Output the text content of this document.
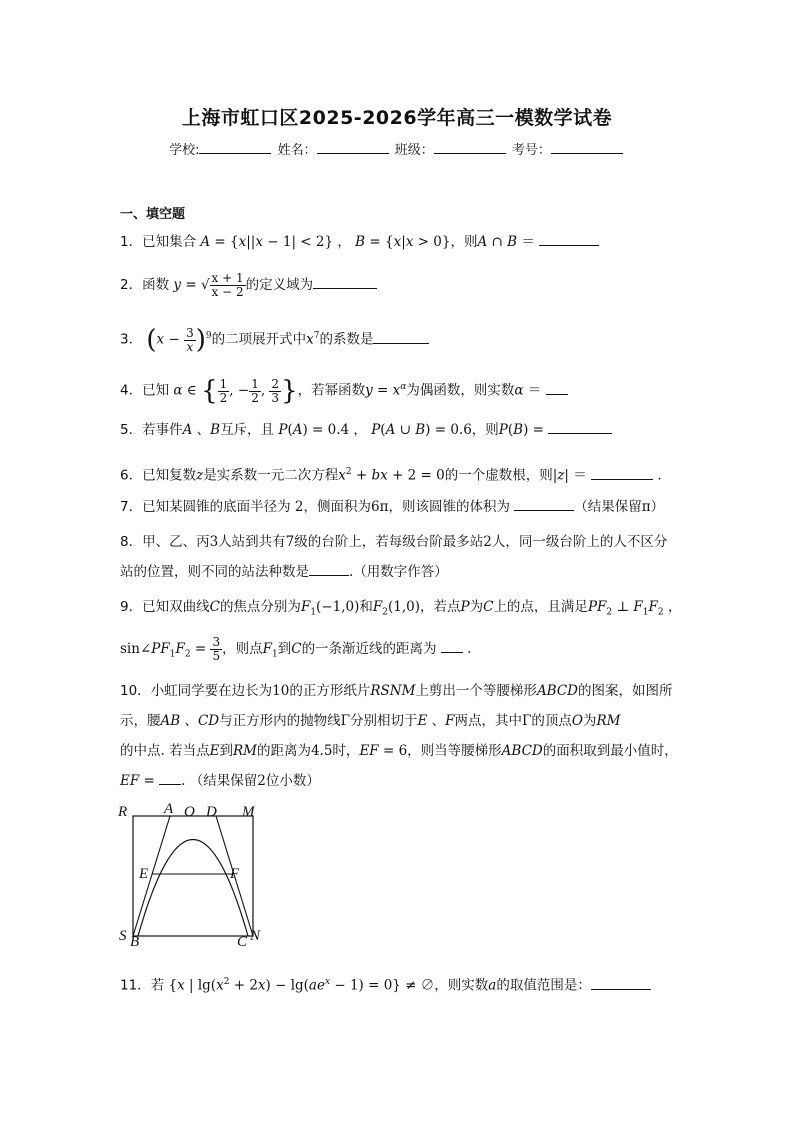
上海市虹口区2025-2026学年高三一模数学试卷
学校:	姓名：	班级：	考号：
一、填空题
1．已知集合 A = {x||x − 1| < 2} ， B = {x|x > 0}，则A ∩ B ＝
2．函数 y = √ $\frac{x + 1}{x - 2}$ 的定义域为
3． $(x - \frac{3}{x} )^9$的二项展开式中$x^7$的系数是
4．已知 α ∈ { $\frac{1}{2}$ , − $\frac{1}{2}$ , $\frac{2}{3}$ }，若幂函数$y = x^\alpha$为偶函数，则实数α ＝
5．若事件A 、B互斥，且 P(A) = 0.4 ， P(A ∪ B) = 0.6，则P(B) =
6．已知复数z是实系数一元二次方程$x^2$ + bx + 2 = 0的一个虚数根，则|z| ＝	.
7．已知某圆锥的底面半径为 2，侧面积为6π，则该圆锥的体积为	（结果保留π）
8．甲、乙、丙3人站到共有7级的台阶上，若每级台阶最多站2人，同一级台阶上的人不区分站的位置，则不同的站法种数是	.（用数字作答）
9．已知双曲线C的焦点分别为$F_1(-1,0)$和$F_2(1,0)$，若点P为C上的点，且满足$PF_2$ ⊥ $F_1F_2$ ，
$\sin\angle PF_1F_2 = \frac{3}{5}$ ，则点$F_1$到C的一条渐近线的距离为 .
10．小虹同学要在边长为10的正方形纸片RSNM上剪出一个等腰梯形ABCD的图案，如图所示，腰AB 、CD与正方形内的抛物线Γ分别相切于E 、F两点，其中Γ的顶点O为RM
的中点. 若当点E到RM的距离为4.5时，EF = 6，则当等腰梯形ABCD的面积取到最小值时，EF = . （结果保留2位小数）
R A O D M
E	F
S B	C N
11．若 {x | $\lg(x^2 + 2x) - \lg(ae^x - 1) = 0$} ≠ ∅，则实数a的取值范围是：
